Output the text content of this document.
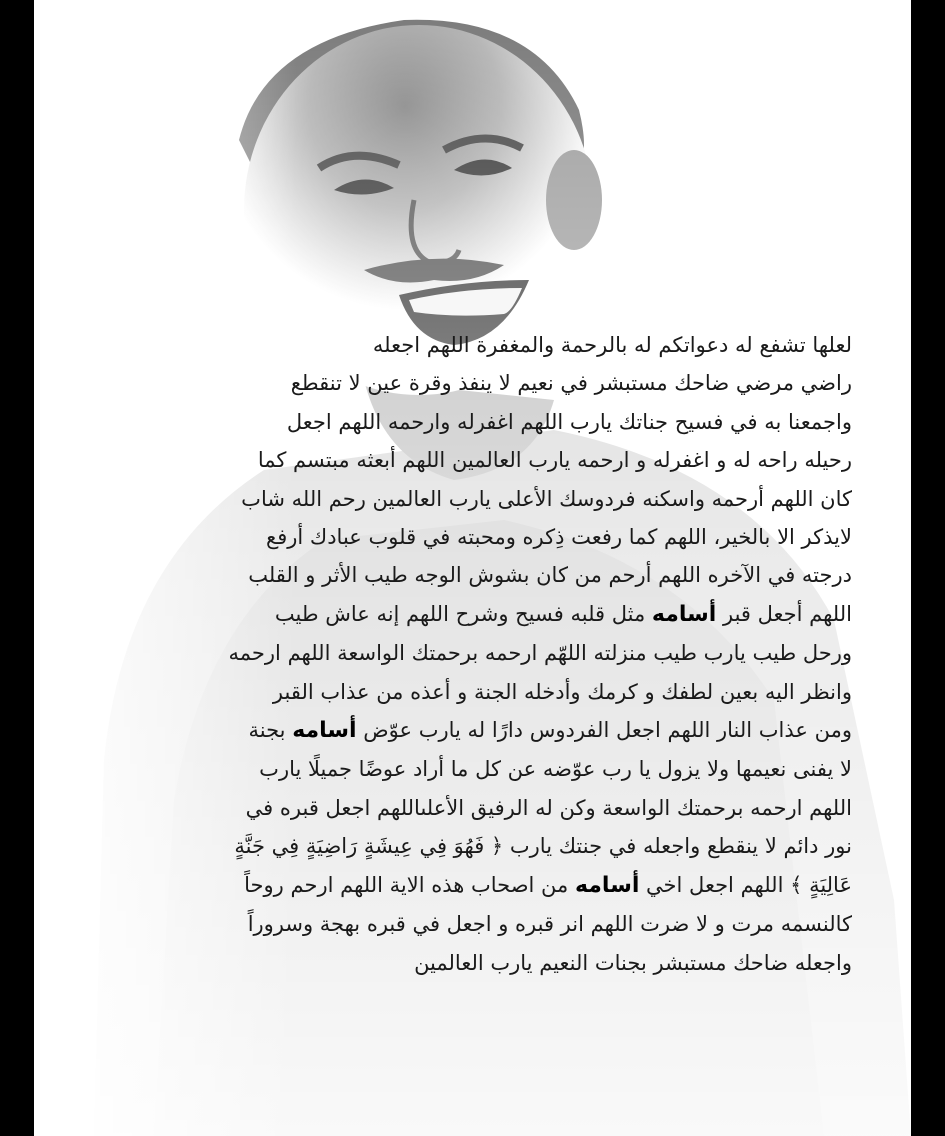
لعلها تشفع له دعواتكم له بالرحمة والمغفرة اللهم اجعله
راضي مرضي ضاحك مستبشر في نعيم لا ينفذ وقرة عين لا تنقطع
واجمعنا به في فسيح جناتك يارب اللهم اغفرله وارحمه اللهم اجعل
رحيله راحه له و اغفرله و ارحمه يارب العالمين اللهم أبعثه مبتسم كما
كان اللهم أرحمه واسكنه فردوسك الأعلى يارب العالمين رحم الله شاب
لايذكر الا بالخير، اللهم كما رفعت ذِكره ومحبته في قلوب عبادك أرفع
درجته في الآخره اللهم أرحم من كان بشوش الوجه طيب الأثر و القلب
اللهم أجعل قبر أسامه مثل قلبه فسيح وشرح اللهم إنه عاش طيب
ورحل طيب يارب طيب منزلته اللهّم ارحمه برحمتك الواسعة اللهم ارحمه
وانظر اليه بعين لطفك و كرمك وأدخله الجنة و أعذه من عذاب القبر
ومن عذاب النار اللهم اجعل الفردوس دارًا له يارب عوّض أسامه بجنة
لا يفنى نعيمها ولا يزول يا رب عوّضه عن كل ما أراد عوضًا جميلًا يارب
اللهم ارحمه برحمتك الواسعة وكن له الرفيق الأعلىاللهم اجعل قبره في
نور دائم لا ينقطع واجعله في جنتك يارب ﴿ فَهُوَ فِي عِيشَةٍ رَاضِيَةٍ فِي جَنَّةٍ
عَالِيَةٍ ﴾ اللهم اجعل اخي أسامه من اصحاب هذه الاية اللهم ارحم روحاً
كالنسمه مرت و لا ضرت اللهم انر قبره و اجعل في قبره بهجة وسروراً
واجعله ضاحك مستبشر بجنات النعيم يارب العالمين
